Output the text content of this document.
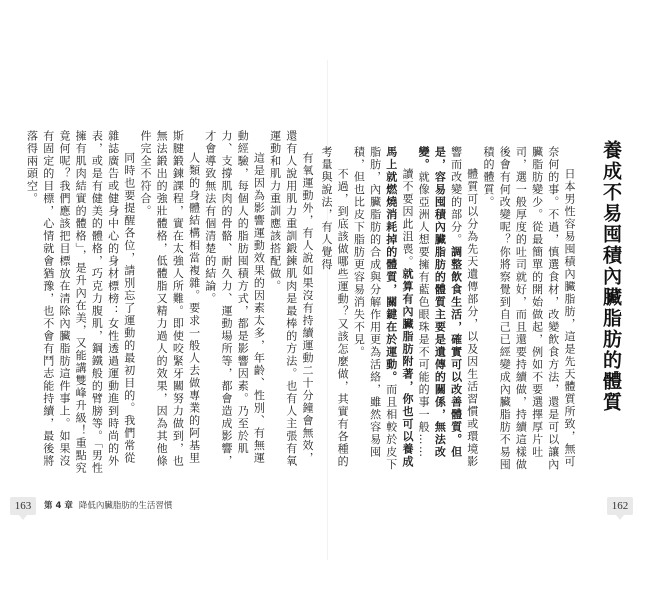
有氧運動外，有人說如果沒有持續運動二十分鐘會無效，還有人說用肌力重訓鍛鍊肌肉是最棒的方法。也有人主張有氧運動和肌力重訓應該搭配做。

這是因為影響運動效果的因素太多，年齡、性別、有無運動經驗，每個人的脂肪囤積方式，都是影響因素。乃至於肌力、支撐肌肉的骨骼、耐久力、運動場所等，都會造成影響，才會導致無法有個清楚的結論。

人類的身體結構相當複雜。要求一般人去做專業的阿基里斯腱鍛鍊課程，實在太強人所難。即使咬緊牙關努力做到，也無法鍛出的強壯體格，低體脂又精力過人的效果，因為其他條件完全不符合。

同時也要提醒各位，請別忘了運動的最初目的。我們常從雜誌廣告或健身中心的身材標榜：女性透過運動進到時尚的外表，或是有健美的體格，巧克力腹肌，鋼鐵般的臂膀等。「男性擁有肌肉結實的體格」，是升內在美，又能講雙峰升級！重點究竟何呢？我們應該把目標放在清除內臟脂肪這件事上。如果沒有固定的目標，心情就會猶豫，也不會有鬥志能持續，最後將落得兩頭空。

163	第 4 章 降低內臟脂肪的生活習慣
養成不易囤積內臟脂肪的體質

日本男性容易囤積內臟脂肪，這是先天體質所致，無可奈何的事。不過，慎選食材，改變飲食方法，還是可以讓內臟脂肪變少。從最簡單的開始做起，例如不要選擇厚片吐司，選一般厚度的吐司就好，而且還要持續做，持續這樣做後會有何改變呢？你將察覺到自己已經變成內臟脂肪不易囤積的體質。

體質可以分為先天遺傳部分，以及因生活習慣或環境影響而改變的部分。調整飲食生活，確實可以改善體質。但是，容易囤積內臟脂肪的體質主要是遺傳的關係，無法改變。就像亞洲人想要擁有藍色眼珠是不可能的事一般……

讀不要因此沮喪。就算有內臟脂肪附著，你也可以養成馬上就燃燒消耗掉的體質，關鍵在於運動。而且相較於皮下脂肪，內臟脂肪的合成與分解作用更為活絡，雖然容易囤積，但也比皮下脂肪更容易消失不見。

不過，到底該做哪些運動？又該怎麼做，其實有各種的考量與說法，有人覺得

162
